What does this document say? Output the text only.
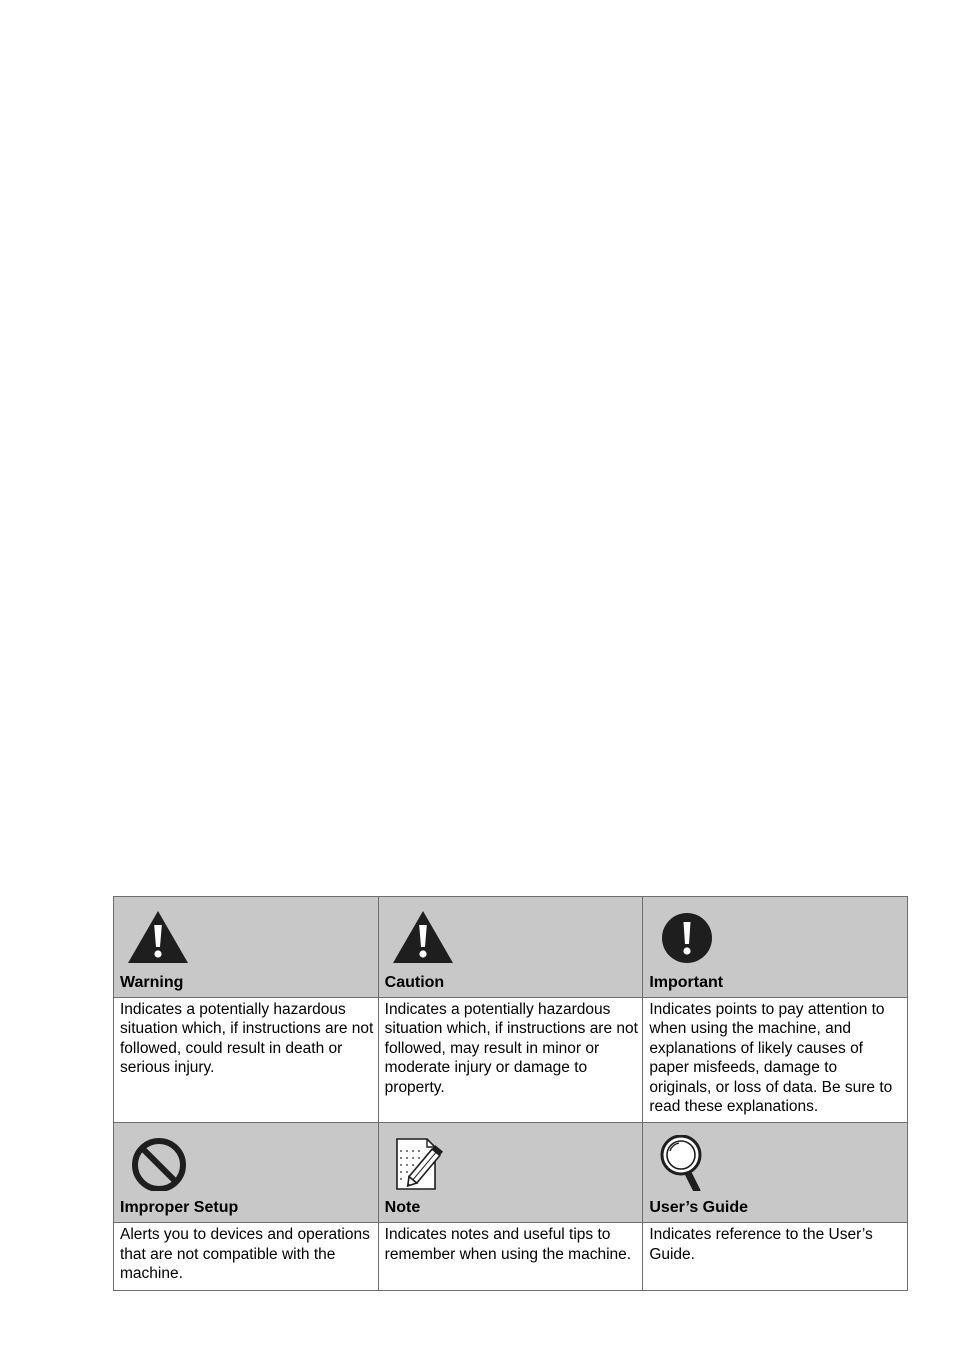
Warning	Caution	Important

Indicates a potentially hazardous situation which, if instructions are not followed, could result in death or serious injury.	Indicates a potentially hazardous situation which, if instructions are not followed, may result in minor or moderate injury or damage to property.	Indicates points to pay attention to when using the machine, and explanations of likely causes of paper misfeeds, damage to originals, or loss of data. Be sure to read these explanations.

Improper Setup	Note	User’s Guide

Alerts you to devices and operations that are not compatible with the machine.	Indicates notes and useful tips to remember when using the machine.	Indicates reference to the User’s Guide.
